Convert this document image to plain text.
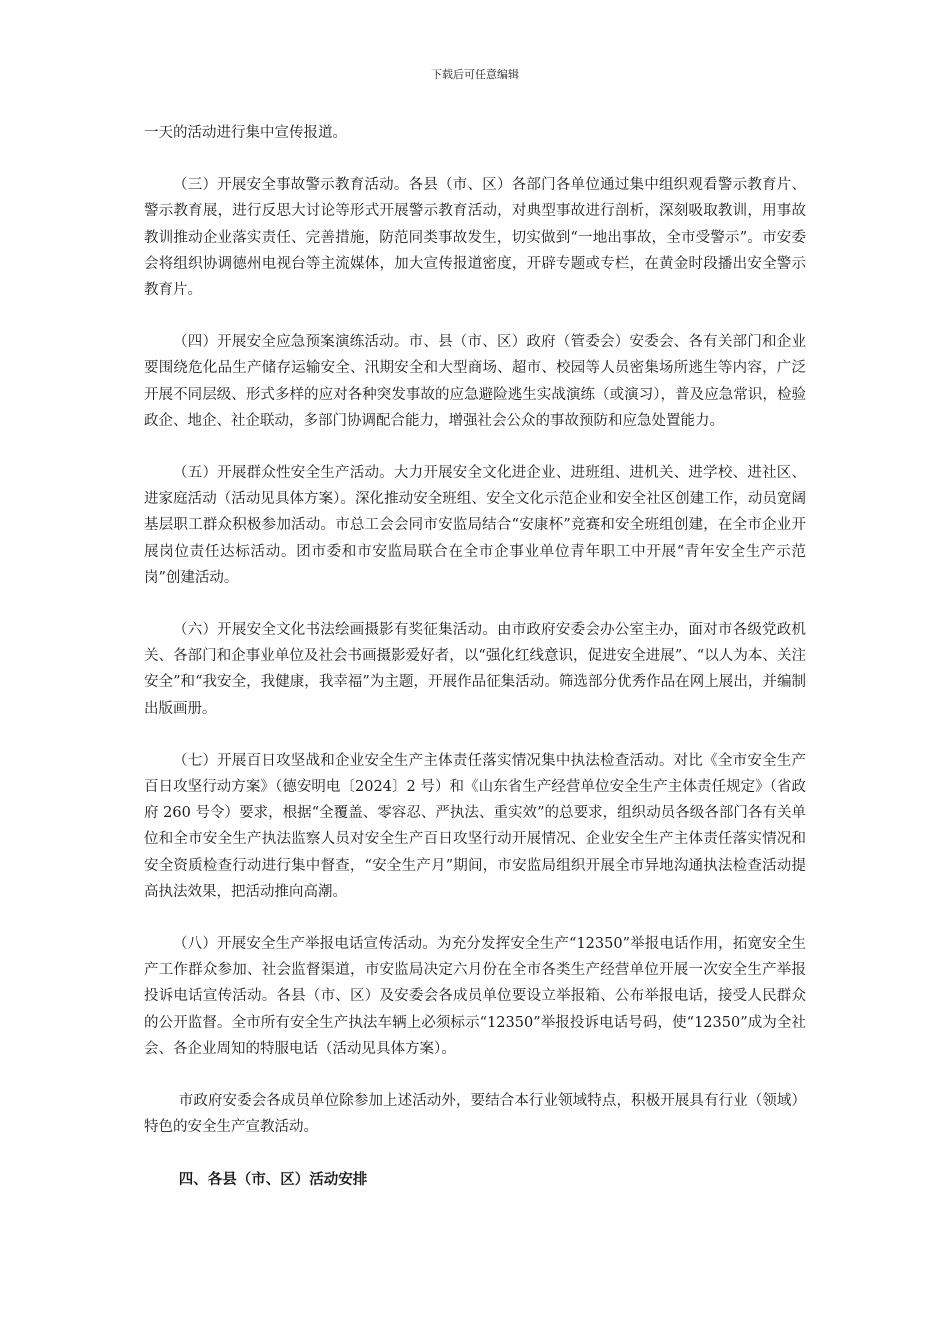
下载后可任意编辑

一天的活动进行集中宣传报道。

（三）开展安全事故警示教育活动。各县（市、区）各部门各单位通过集中组织观看警示教育片、警示教育展，进行反思大讨论等形式开展警示教育活动，对典型事故进行剖析，深刻吸取教训，用事故教训推动企业落实责任、完善措施，防范同类事故发生，切实做到“一地出事故，全市受警示”。市安委会将组织协调德州电视台等主流媒体，加大宣传报道密度，开辟专题或专栏，在黄金时段播出安全警示教育片。

（四）开展安全应急预案演练活动。市、县（市、区）政府（管委会）安委会、各有关部门和企业要围绕危化品生产储存运输安全、汛期安全和大型商场、超市、校园等人员密集场所逃生等内容，广泛开展不同层级、形式多样的应对各种突发事故的应急避险逃生实战演练（或演习），普及应急常识，检验政企、地企、社企联动，多部门协调配合能力，增强社会公众的事故预防和应急处置能力。

（五）开展群众性安全生产活动。大力开展安全文化进企业、进班组、进机关、进学校、进社区、进家庭活动（活动见具体方案）。深化推动安全班组、安全文化示范企业和安全社区创建工作，动员宽阔基层职工群众积极参加活动。市总工会会同市安监局结合“安康杯”竞赛和安全班组创建，在全市企业开展岗位责任达标活动。团市委和市安监局联合在全市企事业单位青年职工中开展“青年安全生产示范岗”创建活动。

（六）开展安全文化书法绘画摄影有奖征集活动。由市政府安委会办公室主办，面对市各级党政机关、各部门和企事业单位及社会书画摄影爱好者，以“强化红线意识，促进安全进展”、“以人为本、关注安全”和“我安全，我健康，我幸福”为主题，开展作品征集活动。筛选部分优秀作品在网上展出，并编制出版画册。

（七）开展百日攻坚战和企业安全生产主体责任落实情况集中执法检查活动。对比《全市安全生产百日攻坚行动方案》（德安明电〔2024〕2 号）和《山东省生产经营单位安全生产主体责任规定》（省政府 260 号令）要求，根据“全覆盖、零容忍、严执法、重实效”的总要求，组织动员各级各部门各有关单位和全市安全生产执法监察人员对安全生产百日攻坚行动开展情况、企业安全生产主体责任落实情况和安全资质检查行动进行集中督查，“安全生产月”期间，市安监局组织开展全市异地沟通执法检查活动提高执法效果，把活动推向高潮。

（八）开展安全生产举报电话宣传活动。为充分发挥安全生产“12350”举报电话作用，拓宽安全生产工作群众参加、社会监督渠道，市安监局决定六月份在全市各类生产经营单位开展一次安全生产举报投诉电话宣传活动。各县（市、区）及安委会各成员单位要设立举报箱、公布举报电话，接受人民群众的公开监督。全市所有安全生产执法车辆上必须标示“12350”举报投诉电话号码，使“12350”成为全社会、各企业周知的特服电话（活动见具体方案）。

市政府安委会各成员单位除参加上述活动外，要结合本行业领域特点，积极开展具有行业（领域）特色的安全生产宣教活动。

四、各县（市、区）活动安排
